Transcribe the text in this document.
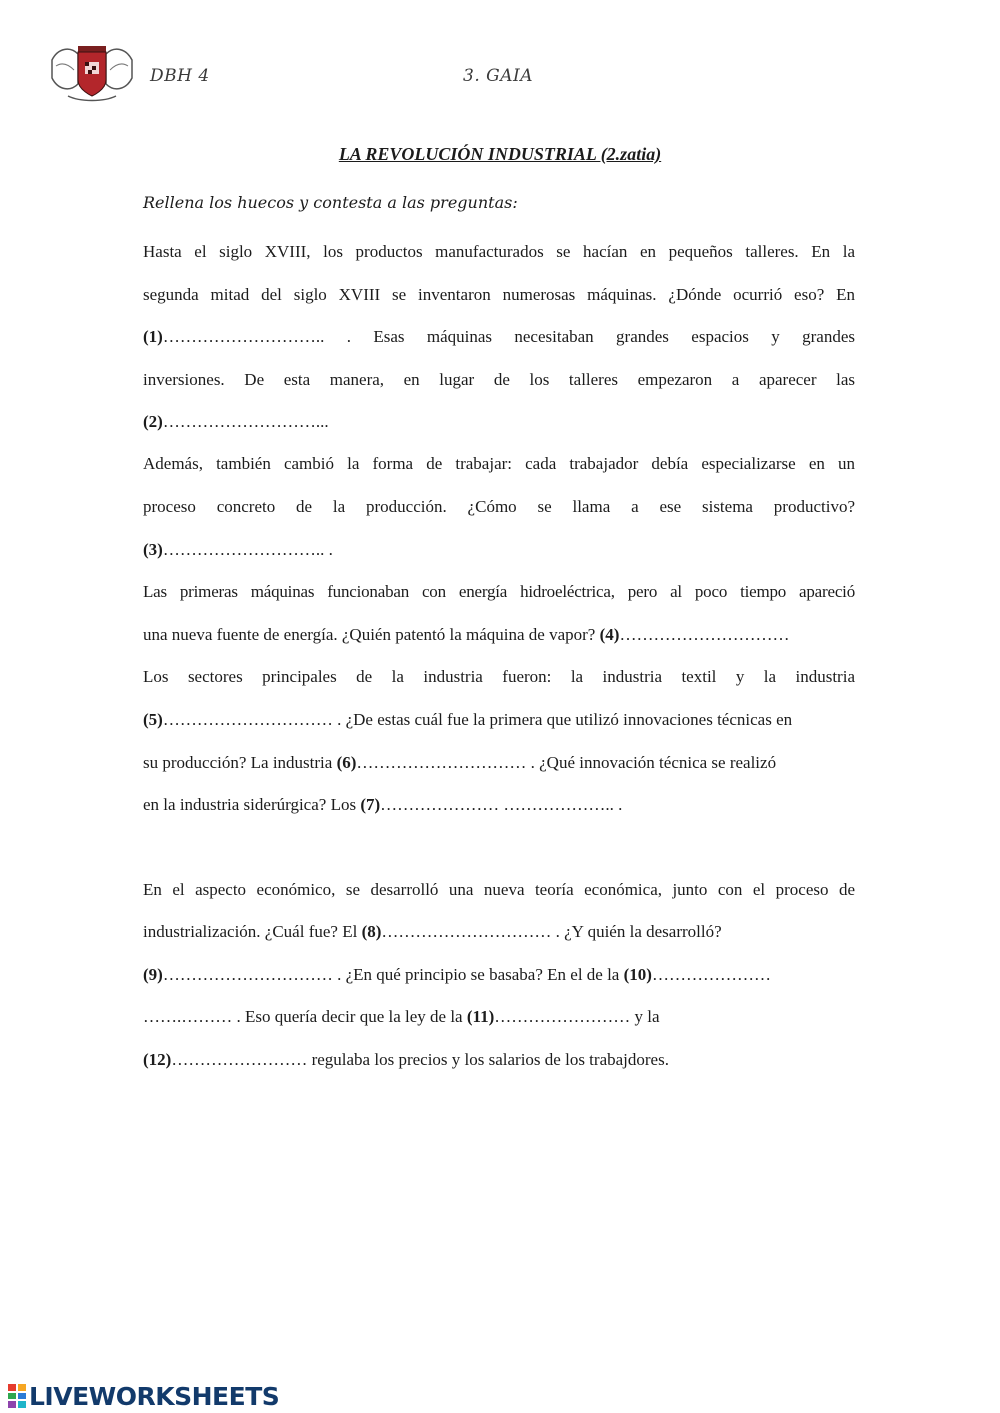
DBH 4	3. GAIA
LA REVOLUCIÓN INDUSTRIAL (2.zatia)
Rellena los huecos y contesta a las preguntas:
Hasta el siglo XVIII, los productos manufacturados se hacían en pequeños talleres. En la
segunda mitad del siglo XVIII se inventaron numerosas máquinas. ¿Dónde ocurrió eso? En
(1)……………………….. . Esas máquinas necesitaban grandes espacios y grandes
inversiones. De esta manera, en lugar de los talleres empezaron a aparecer las
(2)………………………...
Además, también cambió la forma de trabajar: cada trabajador debía especializarse en un
proceso concreto de la producción. ¿Cómo se llama a ese sistema productivo?
(3)……………………….. .
Las primeras máquinas funcionaban con energía hidroeléctrica, pero al poco tiempo apareció
una nueva fuente de energía. ¿Quién patentó la máquina de vapor? (4)…………………………
Los sectores principales de la industria fueron: la industria textil y la industria
(5)………………………… . ¿De estas cuál fue la primera que utilizó innovaciones técnicas en
su producción? La industria (6)………………………… . ¿Qué innovación técnica se realizó
en la industria siderúrgica? Los (7)………………… ……………….. .
En el aspecto económico, se desarrolló una nueva teoría económica, junto con el proceso de
industrialización. ¿Cuál fue? El (8)………………………… . ¿Y quién la desarrolló?
(9)………………………… . ¿En qué principio se basaba? En el de la (10)…………………
…….……… . Eso quería decir que la ley de la (11)…………………… y la
(12)…………………… regulaba los precios y los salarios de los trabajdores.
LIVEWORKSHEETS
